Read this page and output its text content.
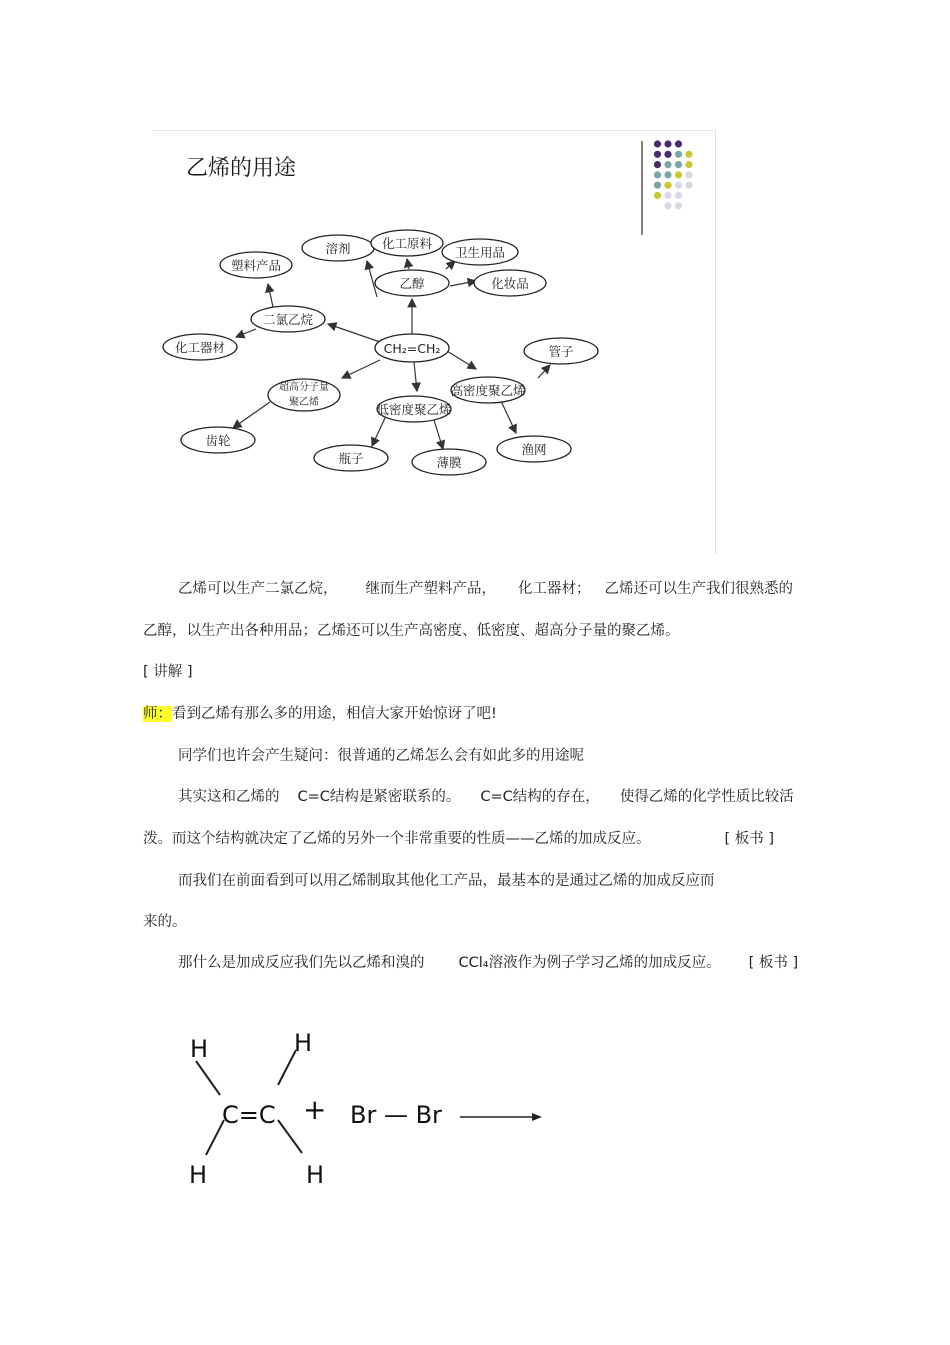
乙烯的用途
CH₂=CH₂
乙醇
溶剂	化工原料
卫生用品
化妆品
二氯乙烷
塑料产品
化工器材
高密度聚乙烯
管子
渔网
低密度聚乙烯
瓶子	薄膜
超高分子量
聚乙烯
齿轮
乙烯可以生产二氯乙烷， 继而生产塑料产品， 化工器材； 乙烯还可以生产我们很熟悉的
乙醇，以生产出各种用品；乙烯还可以生产高密度、低密度、超高分子量的聚乙烯。
[ 讲解 ]
师：看到乙烯有那么多的用途，相信大家开始惊讶了吧!
同学们也许会产生疑问：很普通的乙烯怎么会有如此多的用途呢
其实这和乙烯的 C=C结构是紧密联系的。 C=C结构的存在， 使得乙烯的化学性质比较活
泼。而这个结构就决定了乙烯的另外一个非常重要的性质——乙烯的加成反应。	[ 板书 ]
而我们在前面看到可以用乙烯制取其他化工产品，最基本的是通过乙烯的加成反应而
来的。
那什么是加成反应我们先以乙烯和溴的 CCl₄溶液作为例子学习乙烯的加成反应。 [ 板书 ]
H	H
C=C
H	H
+ Br — Br
